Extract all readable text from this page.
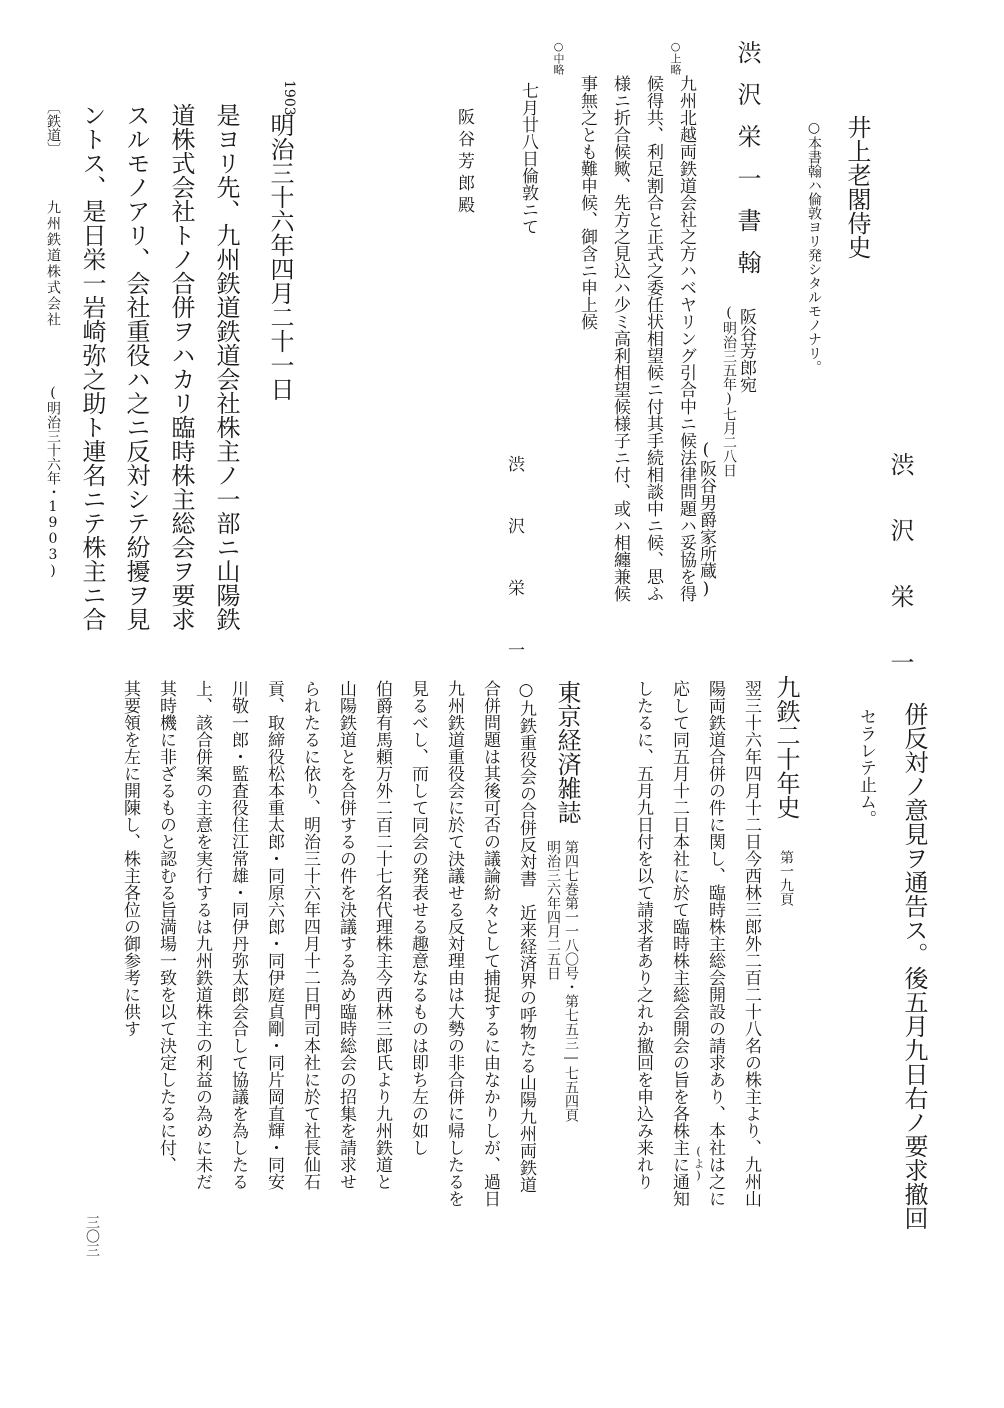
井上老閣侍史
渋　沢　栄　一
○本書翰ハ倫敦ヨリ発シタルモノナリ。
渋沢栄一書翰
阪谷芳郎宛
(明治三五年)七月二八日
(阪谷男爵家所蔵)
○上略
九州北越両鉄道会社之方ハベヤリング引合中ニ候法律問題ハ妥協を得
候得共、利足割合と正式之委任状相望候ニ付其手続相談中ニ候、思ふ
様ニ折合候歟、先方之見込ハ少ミ高利相望候様子ニ付、或ハ相纏兼候
事無之とも難申候、御含ニ申上候
○中略
七月廿八日倫敦ニて
渋　沢　栄　一
阪谷芳郎殿
1903
明治三十六年四月二十一日
是ヨリ先、九州鉄道鉄道会社株主ノ一部ニ山陽鉄
道株式会社トノ合併ヲハカリ臨時株主総会ヲ要求
スルモノアリ、会社重役ハ之ニ反対シテ紛擾ヲ見
ントス、是日栄一岩崎弥之助ト連名ニテ株主ニ合
〔鉄道〕
九州鉄道株式会社
(明治三十六年・1903)
併反対ノ意見ヲ通告ス。後五月九日右ノ要求撤回
セラレテ止ム。
九鉄二十年史
第一九頁
翌三十六年四月十二日今西林三郎外二百二十八名の株主より、九州山
陽両鉄道合併の件に関し、臨時株主総会開設の請求あり、本社は之に
応して同五月十二日本社に於て臨時株主総会開会の旨を各株主に通知 (よ)
したるに、五月九日付を以て請求者あり之れか撤回を申込み来れり
東京経済雑誌
第四七巻第一一八〇号・第七五三―七五四頁
明治三六年四月二五日
○九鉄重役会の合併反対書　近来経済界の呼物たる山陽九州両鉄道
合併問題は其後可否の議論紛々として捕捉するに由なかりしが、過日
九州鉄道重役会に於て決議せる反対理由は大勢の非合併に帰したるを
見るべし、而して同会の発表せる趣意なるものは即ち左の如し
伯爵有馬頼万外二百二十七名代理株主今西林三郎氏より九州鉄道と
山陽鉄道とを合併するの件を決議する為め臨時総会の招集を請求せ
られたるに依り、明治三十六年四月十二日門司本社に於て社長仙石
貢、取締役松本重太郎・同原六郎・同伊庭貞剛・同片岡直輝・同安
川敬一郎・監査役住江常雄・同伊丹弥太郎会合して協議を為したる
上、該合併案の主意を実行するは九州鉄道株主の利益の為めに未だ
其時機に非ざるものと認むる旨満場一致を以て決定したるに付、
其要領を左に開陳し、株主各位の御参考に供す
三〇三
